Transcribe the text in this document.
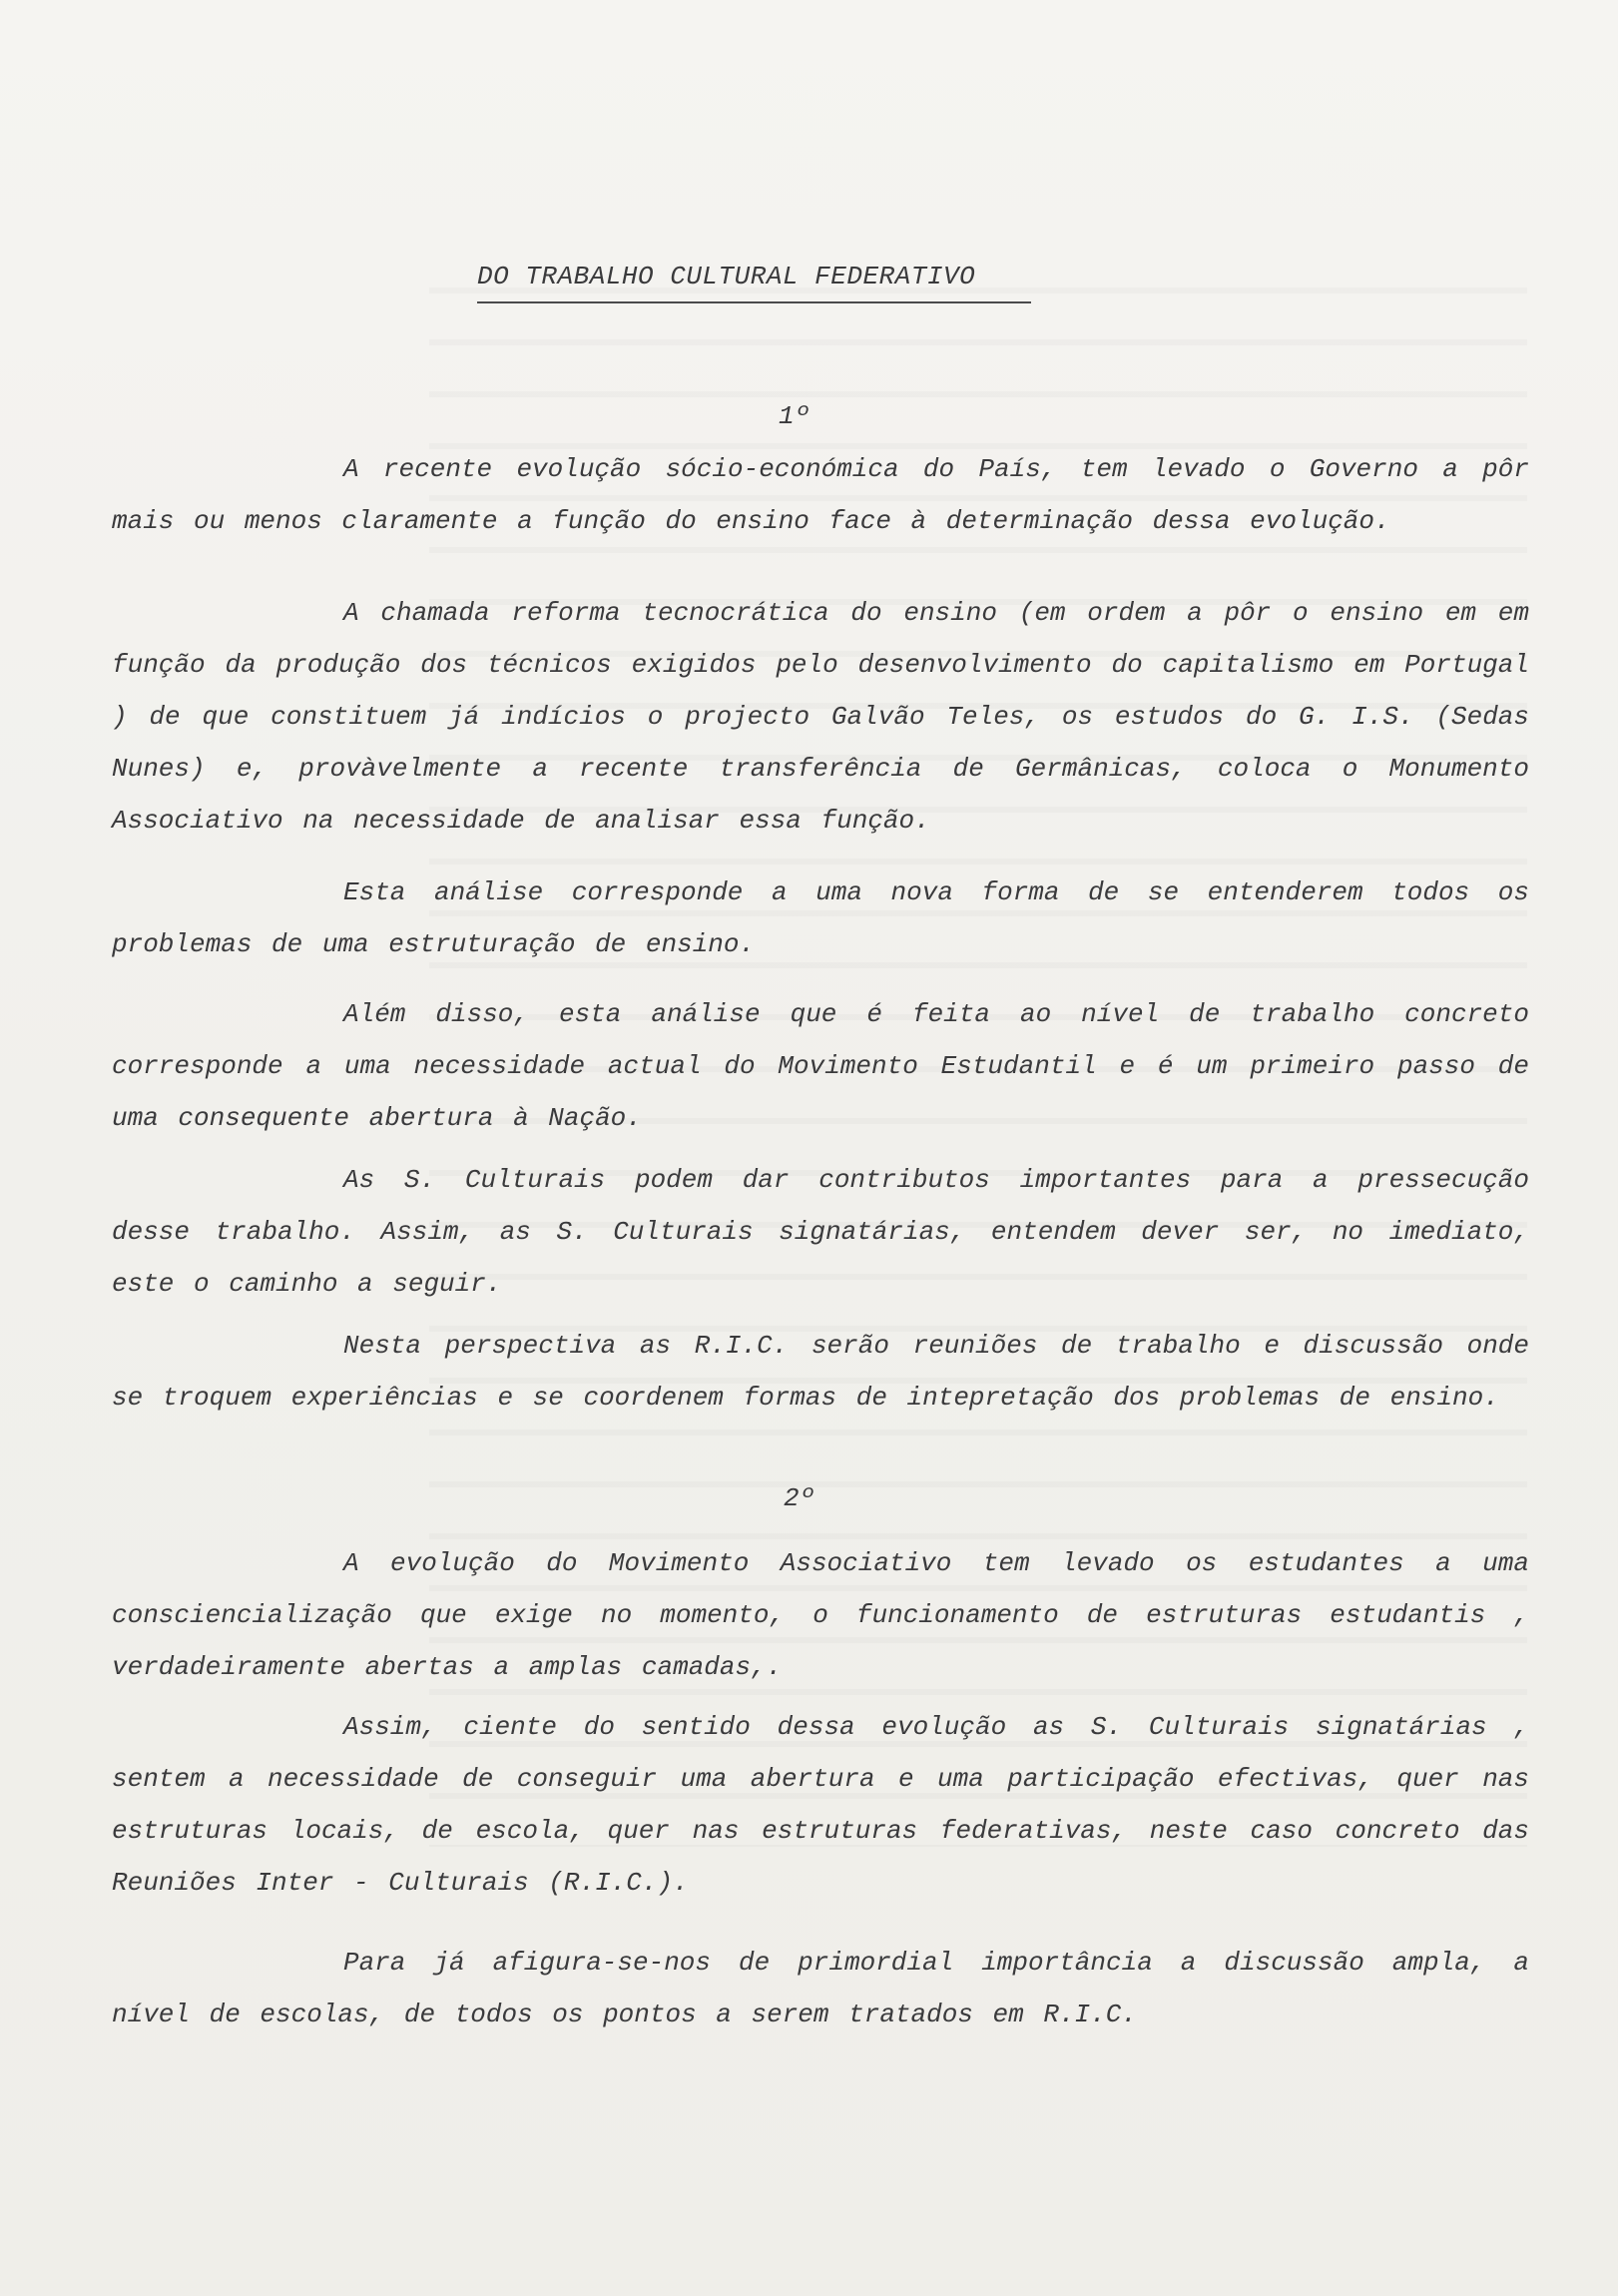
DO TRABALHO CULTURAL FEDERATIVO
1º

A recente evolução sócio-económica do País, tem levado o Governo a pôr mais ou menos claramente a função do ensino face à determinação dessa evolução.

A chamada reforma tecnocrática do ensino (em ordem a pôr o ensino em em função da produção dos técnicos exigidos pelo desenvolvimento do capitalismo em Portugal ) de que constituem já indícios o projecto Galvão Teles, os estudos do G. I.S. (Sedas Nunes) e, provàvelmente a recente transferência de Germânicas, coloca o Monumento Associativo na necessidade de analisar essa função.

Esta análise corresponde a uma nova forma de se entenderem todos os problemas de uma estruturação de ensino.

Além disso, esta análise que é feita ao nível de trabalho concreto corresponde a uma necessidade actual do Movimento Estudantil e é um primeiro passo de uma consequente abertura à Nação.

As S. Culturais podem dar contributos importantes para a pressecução desse trabalho. Assim, as S. Culturais signatárias, entendem dever ser, no imediato, este o caminho a seguir.

Nesta perspectiva as R.I.C. serão reuniões de trabalho e discussão onde se troquem experiências e se coordenem formas de intepretação dos problemas de ensino.

2º

A evolução do Movimento Associativo tem levado os estudantes a uma consciencialização que exige no momento, o funcionamento de estruturas estudantis , verdadeiramente abertas a amplas camadas,.

Assim, ciente do sentido dessa evolução as S. Culturais signatárias , sentem a necessidade de conseguir uma abertura e uma participação efectivas, quer nas estruturas locais, de escola, quer nas estruturas federativas, neste caso concreto das Reuniões Inter - Culturais (R.I.C.).

Para já afigura-se-nos de primordial importância a discussão ampla, a nível de escolas, de todos os pontos a serem tratados em R.I.C.
